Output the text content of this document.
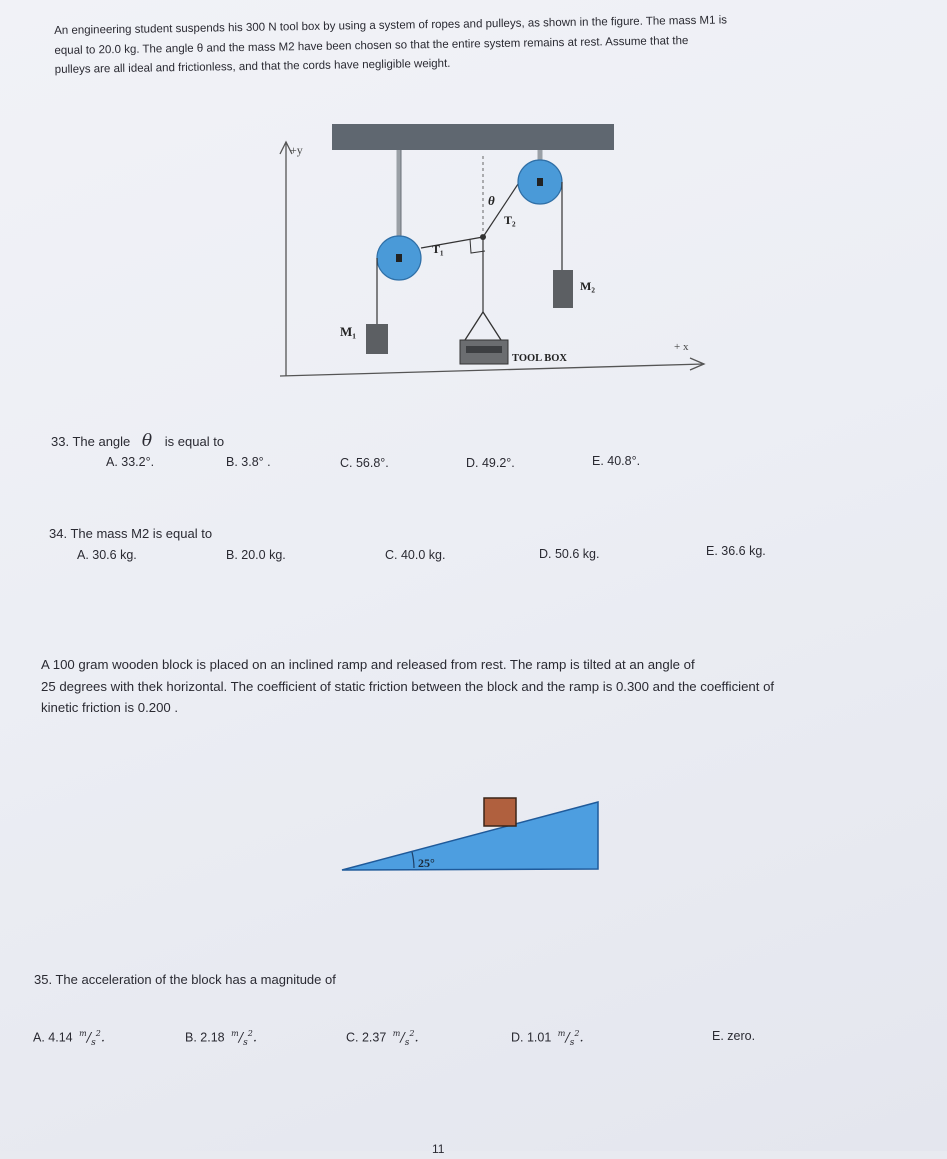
An engineering student suspends his 300 N tool box by using a system of ropes and pulleys, as shown in the figure. The mass M1 is

equal to 20.0 kg. The angle θ and the mass M2 have been chosen so that the entire system remains at rest. Assume that the

pulleys are all ideal and frictionless, and that the cords have negligible weight.

+y
+ x
M₁
T₁
θ
T₂
M₂
TOOL BOX
33. The angle θ is equal to
A. 33.2°.	B. 3.8° .	C. 56.8°.	D. 49.2°.	E. 40.8°.
34. The mass M2 is equal to
A. 30.6 kg.	B. 20.0 kg.	C. 40.0 kg.	D. 50.6 kg.	E. 36.6 kg.

A 100 gram wooden block is placed on an inclined ramp and released from rest. The ramp is tilted at an angle of

25 degrees with thek horizontal. The coefficient of static friction between the block and the ramp is 0.300 and the coefficient of

kinetic friction is 0.200 .

25°
35. The acceleration of the block has a magnitude of
A. 4.14 $^m/_s^2$.	B. 2.18 $^m/_s^2$.	C. 2.37 $^m/_s^2$.	D. 1.01 $^m/_s^2$.	E. zero.
11
